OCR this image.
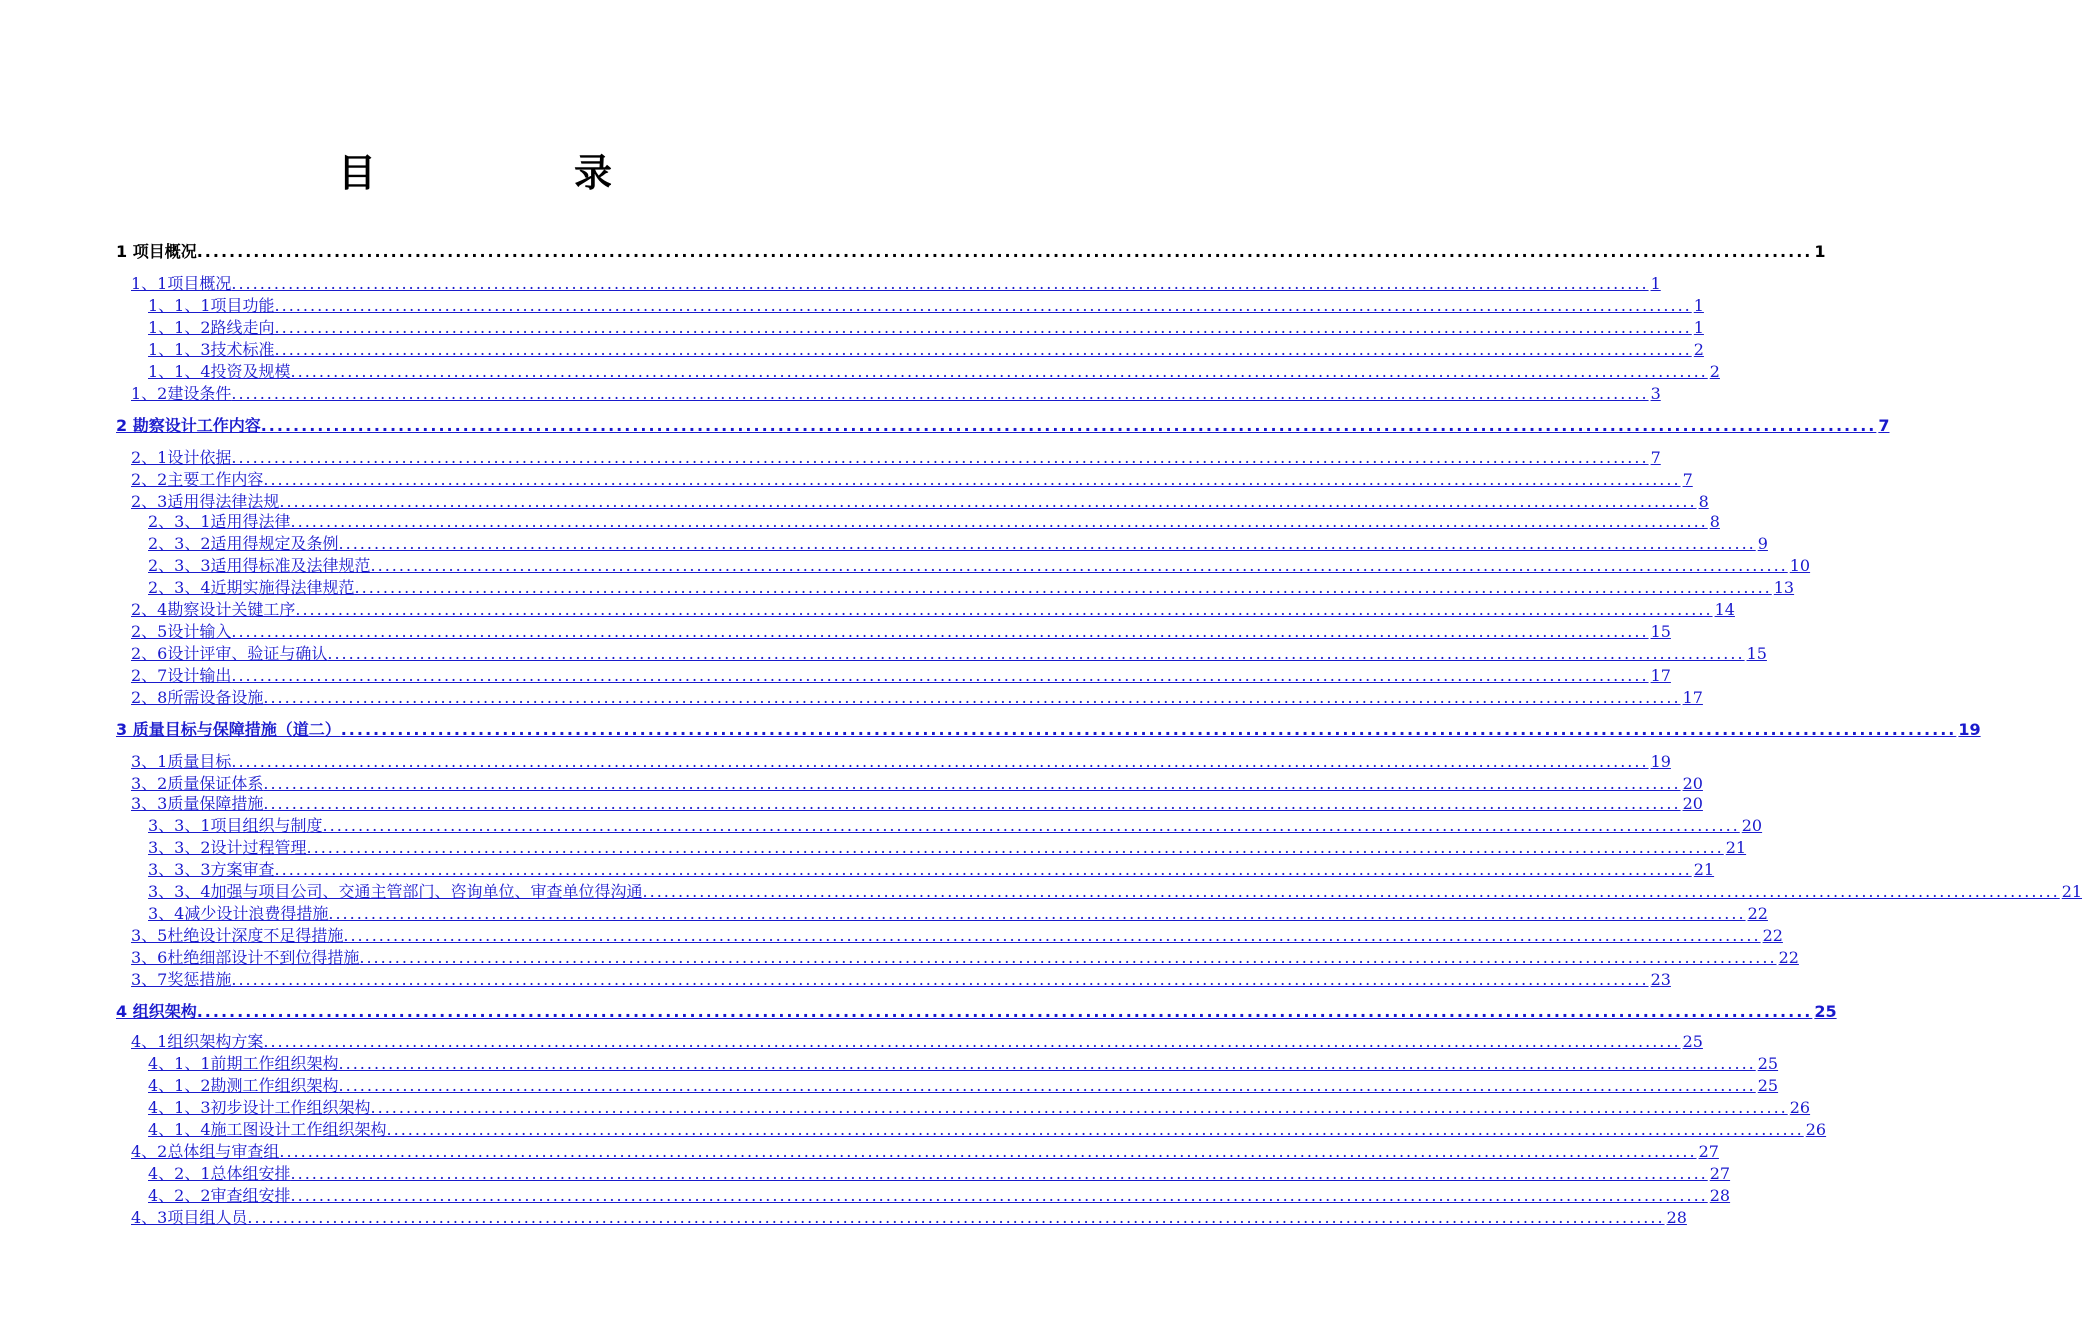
目　录
1 项目概况 ........................................................................................................................................................................................................ 1
1、1项目概况 ........................................................................................................................................................................................................ 1
1、1、1项目功能 ........................................................................................................................................................................................................ 1
1、1、2路线走向 ........................................................................................................................................................................................................ 1
1、1、3技术标准 ........................................................................................................................................................................................................ 2
1、1、4投资及规模 ........................................................................................................................................................................................................ 2
1、2建设条件 ........................................................................................................................................................................................................ 3
2 勘察设计工作内容 ........................................................................................................................................................................................................ 7
2、1设计依据 ........................................................................................................................................................................................................ 7
2、2主要工作内容 ........................................................................................................................................................................................................ 7
2、3适用得法律法规 ........................................................................................................................................................................................................ 8
2、3、1适用得法律 ........................................................................................................................................................................................................ 8
2、3、2适用得规定及条例 ........................................................................................................................................................................................................ 9
2、3、3适用得标准及法律规范 ........................................................................................................................................................................................................ 10
2、3、4近期实施得法律规范 ........................................................................................................................................................................................................ 13
2、4勘察设计关键工序 ........................................................................................................................................................................................................ 14
2、5设计输入 ........................................................................................................................................................................................................ 15
2、6设计评审、验证与确认 ........................................................................................................................................................................................................ 15
2、7设计输出 ........................................................................................................................................................................................................ 17
2、8所需设备设施 ........................................................................................................................................................................................................ 17
3 质量目标与保障措施（道二） ........................................................................................................................................................................................................ 19
3、1质量目标 ........................................................................................................................................................................................................ 19
3、2质量保证体系 ........................................................................................................................................................................................................ 20
3、3质量保障措施 ........................................................................................................................................................................................................ 20
3、3、1项目组织与制度 ........................................................................................................................................................................................................ 20
3、3、2设计过程管理 ........................................................................................................................................................................................................ 21
3、3、3方案审查 ........................................................................................................................................................................................................ 21
3、3、4加强与项目公司、交通主管部门、咨询单位、审查单位得沟通 ........................................................................................................................................................................................................ 21
3、4减少设计浪费得措施 ........................................................................................................................................................................................................ 22
3、5杜绝设计深度不足得措施 ........................................................................................................................................................................................................ 22
3、6杜绝细部设计不到位得措施 ........................................................................................................................................................................................................ 22
3、7奖惩措施 ........................................................................................................................................................................................................ 23
4 组织架构 ........................................................................................................................................................................................................ 25
4、1组织架构方案 ........................................................................................................................................................................................................ 25
4、1、1前期工作组织架构 ........................................................................................................................................................................................................ 25
4、1、2勘测工作组织架构 ........................................................................................................................................................................................................ 25
4、1、3初步设计工作组织架构 ........................................................................................................................................................................................................ 26
4、1、4施工图设计工作组织架构 ........................................................................................................................................................................................................ 26
4、2总体组与审查组 ........................................................................................................................................................................................................ 27
4、2、1总体组安排 ........................................................................................................................................................................................................ 27
4、2、2审查组安排 ........................................................................................................................................................................................................ 28
4、3项目组人员 ........................................................................................................................................................................................................ 28
